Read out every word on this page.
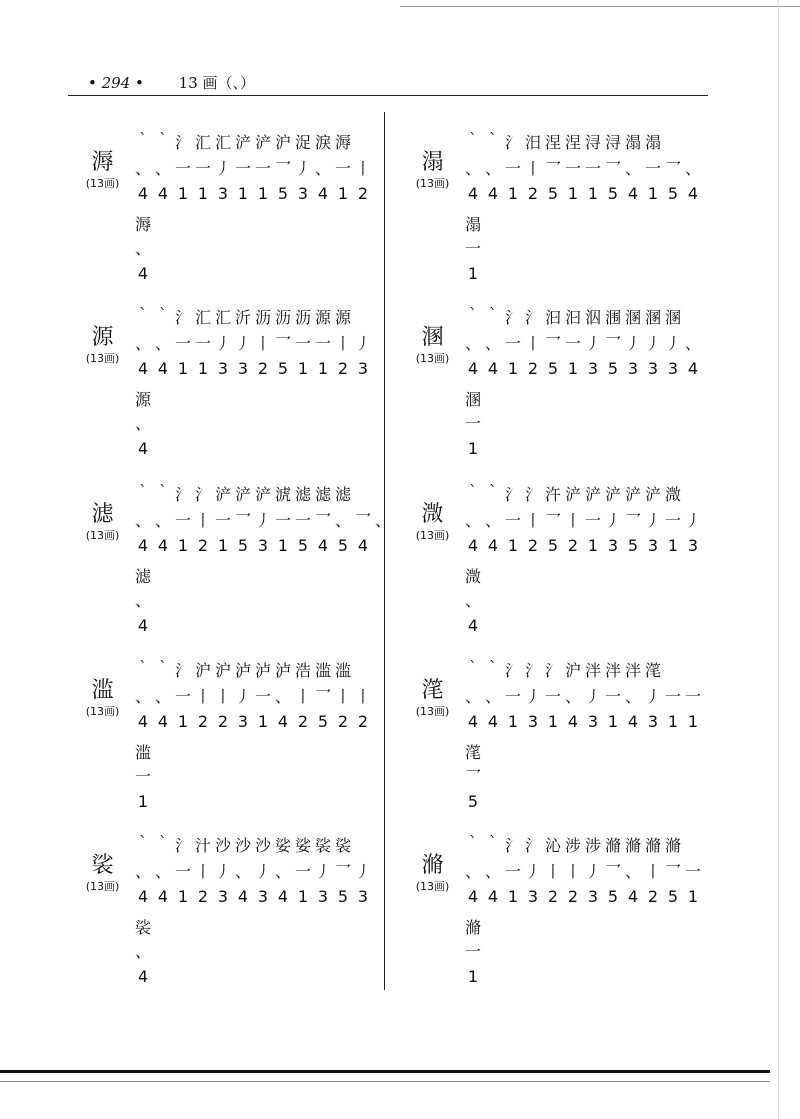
• 294 • 13 画（、）
溽
(13画)
` ` 氵 汇 汇 浐 浐 沪 浞 淚 溽
、 、 一 一 丿 一 一 乛 丿 、 一 丨
4 4 1 1 3 1 1 5 3 4 1 2
溽
、
4
源
(13画)
` ` 氵 汇 汇 沂 沥 沥 沥 源 源
、 、 一 一 丿 丿 丨 乛 一 一 丨 丿
4 4 1 1 3 3 2 5 1 1 2 3
源
、
4
滤
(13画)
` ` 氵 氵 浐 浐 浐 淲 滤 滤 滤
、 、 一 丨 一 乛 丿 一 一 乛 、 乛 、
4 4 1 2 1 5 3 1 5 4 5 4
滤
、
4
滥
(13画)
` ` 氵 沪 沪 泸 泸 泸 浩 滥 滥
、 、 一 丨 丨 丿 一 、 丨 乛 丨 丨
4 4 1 2 2 3 1 4 2 5 2 2
滥
一
1
裟
(13画)
` ` 氵 汁 沙 沙 沙 娑 娑 裟 裟
、 、 一 丨 丿 、 丿 、 一 丿 乛 丿
4 4 1 2 3 4 3 4 1 3 5 3
裟
、
4
溻
(13画)
` ` 氵 汨 涅 涅 浔 浔 溻 溻
、 、 一 丨 乛 一 一 乛 、 一 乛 、
4 4 1 2 5 1 1 5 4 1 5 4
溻
一
1
溷
(13画)
` ` 氵 氵 汩 汩 泅 涠 溷 溷 溷
、 、 一 丨 乛 一 丿 乛 丿 丿 丿 、
4 4 1 2 5 1 3 5 3 3 3 4
溷
一
1
溦
(13画)
` ` 氵 氵 汻 浐 浐 浐 浐 浐 溦
、 、 一 丨 乛 丨 一 丿 乛 丿 一 丿
4 4 1 2 5 2 1 3 5 3 1 3
溦
、
4
滗
(13画)
` ` 氵 氵 氵 沪 泮 泮 泮 滗
、 、 一 丿 一 、 丿 一 、 丿 一 一
4 4 1 3 1 4 3 1 4 3 1 1
滗
乛
5
滫
(13画)
` ` 氵 氵 沁 涉 涉 滫 滫 滫 滫
、 、 一 丿 丨 丨 丿 乛 、 丨 乛 一
4 4 1 3 2 2 3 5 4 2 5 1
滫
一
1
